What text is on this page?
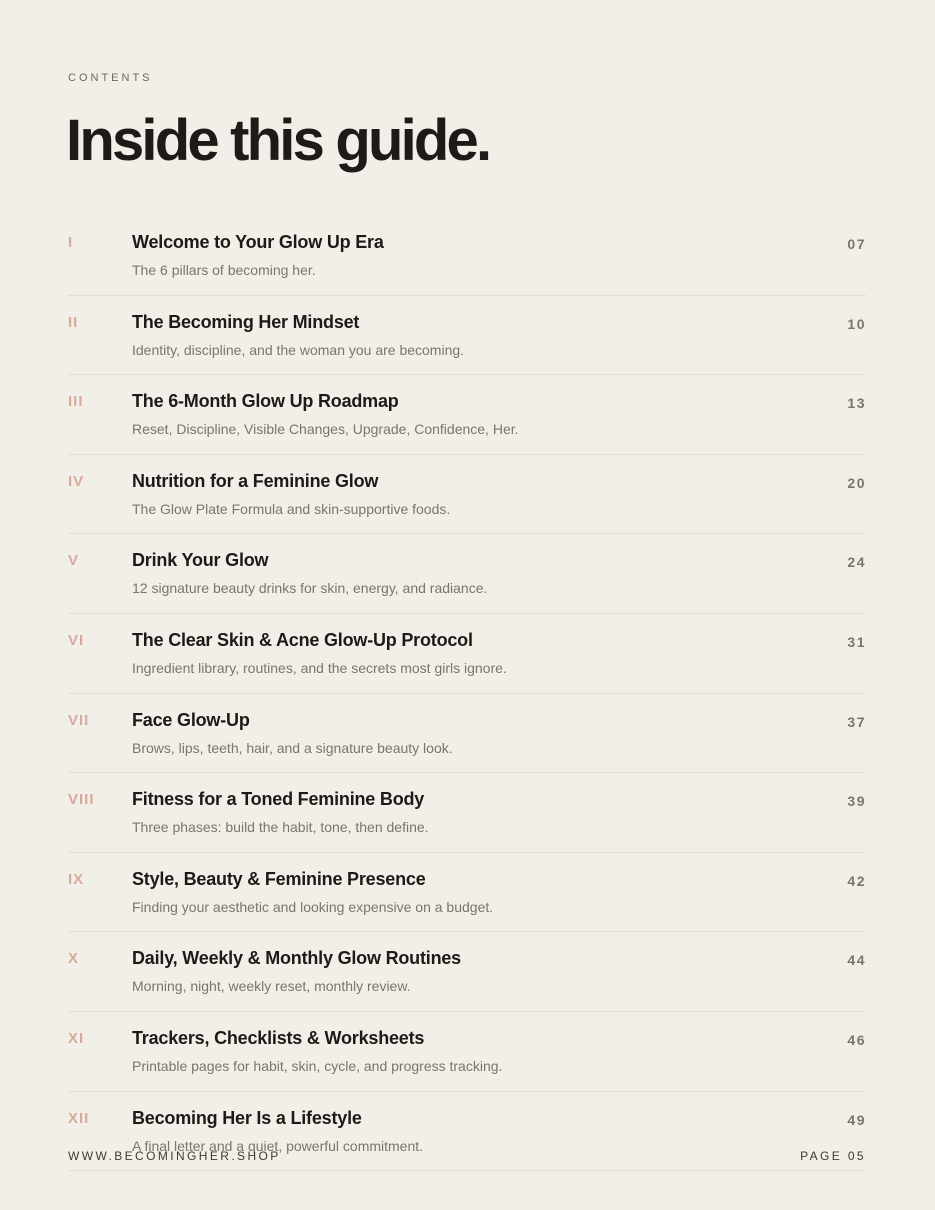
CONTENTS
Inside this guide.
I	Welcome to Your Glow Up Era
The 6 pillars of becoming her.
07
II	The Becoming Her Mindset
Identity, discipline, and the woman you are becoming.
10
III	The 6-Month Glow Up Roadmap
Reset, Discipline, Visible Changes, Upgrade, Confidence, Her.
13
IV	Nutrition for a Feminine Glow
The Glow Plate Formula and skin-supportive foods.
20
V	Drink Your Glow
12 signature beauty drinks for skin, energy, and radiance.
24
VI	The Clear Skin & Acne Glow-Up Protocol
Ingredient library, routines, and the secrets most girls ignore.
31
VII Face Glow-Up
Brows, lips, teeth, hair, and a signature beauty look.
37
VIII Fitness for a Toned Feminine Body
Three phases: build the habit, tone, then define.
39
IX	Style, Beauty & Feminine Presence
Finding your aesthetic and looking expensive on a budget.
42
X	Daily, Weekly & Monthly Glow Routines
Morning, night, weekly reset, monthly review.
44
XI	Trackers, Checklists & Worksheets
Printable pages for habit, skin, cycle, and progress tracking.
46
XII Becoming Her Is a Lifestyle
A final letter and a quiet, powerful commitment.
49
WWW.BECOMINGHER.SHOP	PAGE 05
